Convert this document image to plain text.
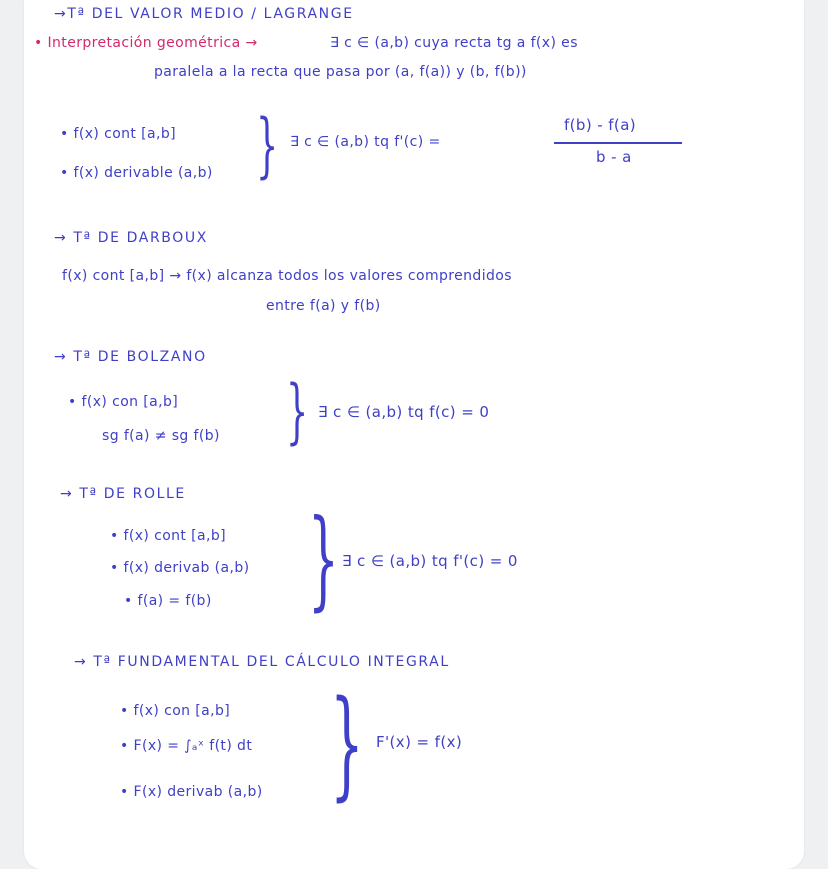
→Tª DEL VALOR MEDIO / LAGRANGE
• Interpretación geométrica →	∃ c ∈ (a,b) cuya recta tg a f(x) es
paralela a la recta que pasa por (a, f(a)) y (b, f(b))
• f(x) cont [a,b]
• f(x) derivable (a,b) } ∃ c ∈ (a,b) tq f'(c) =
f(b) - f(a)
b - a
→ Tª DE DARBOUX
f(x) cont [a,b] → f(x) alcanza todos los valores comprendidos
entre f(a) y f(b)
→ Tª DE BOLZANO
• f(x) con [a,b]
sg f(a) ≠ sg f(b) } ∃ c ∈ (a,b) tq f(c) = 0
→ Tª DE ROLLE
• f(x) cont [a,b]
• f(x) derivab (a,b)
• f(a) = f(b) } ∃ c ∈ (a,b) tq f'(c) = 0
→ Tª FUNDAMENTAL DEL CÁLCULO INTEGRAL
• f(x) con [a,b]
• F(x) = ∫ₐˣ f(t) dt
• F(x) derivab (a,b) } F'(x) = f(x)
